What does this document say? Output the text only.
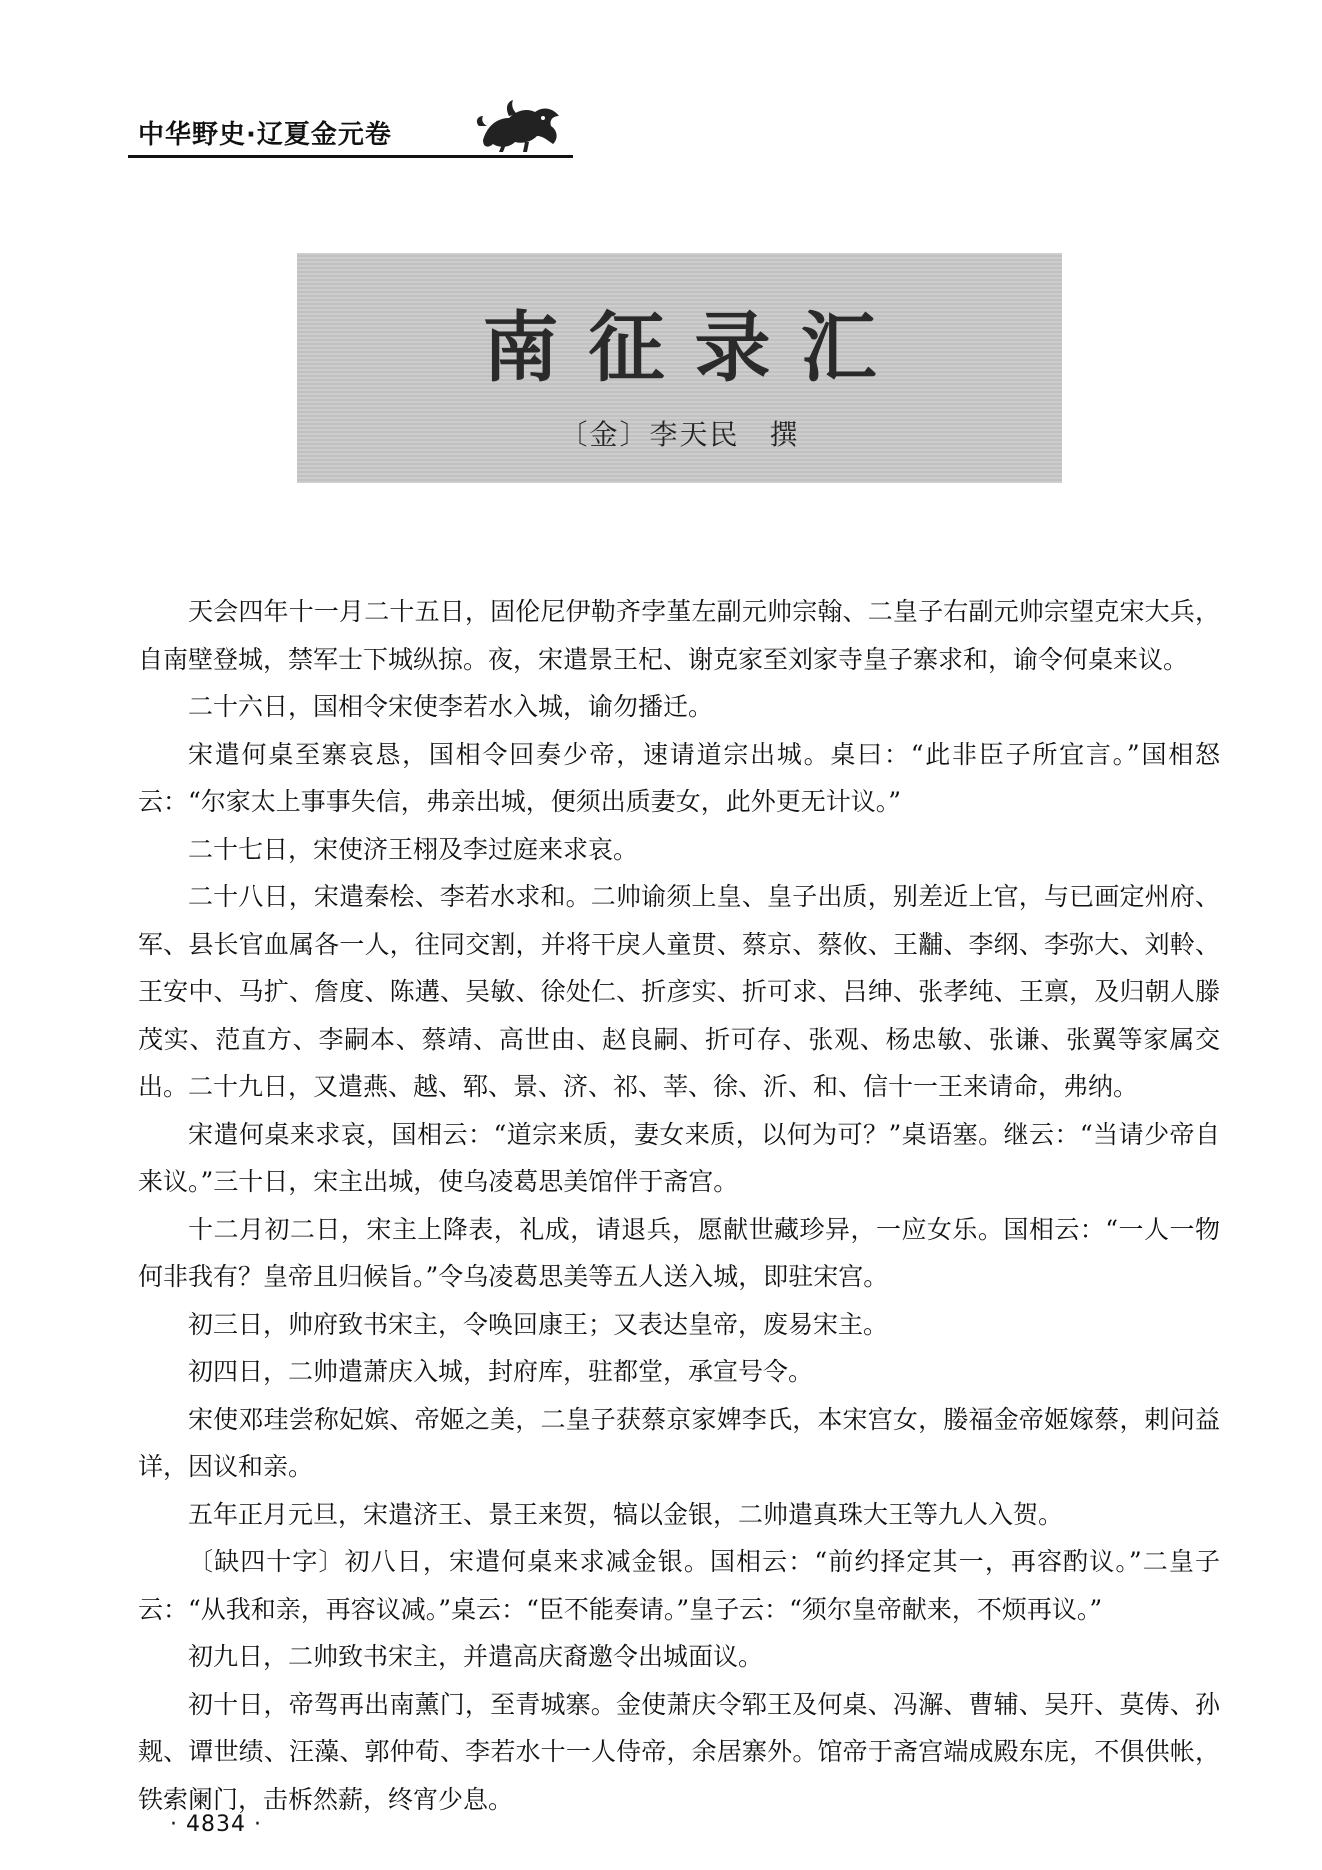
中华野史·辽夏金元卷
南征录汇
〔金〕李天民　撰

天会四年十一月二十五日，固伦尼伊勒齐孛堇左副元帅宗翰、二皇子右副元帅宗望克宋大兵，自南壁登城，禁军士下城纵掠。夜，宋遣景王杞、谢克家至刘家寺皇子寨求和，谕令何桌来议。

二十六日，国相令宋使李若水入城，谕勿播迁。

宋遣何桌至寨哀恳，国相令回奏少帝，速请道宗出城。桌曰：“此非臣子所宜言。”国相怒云：“尔家太上事事失信，弗亲出城，便须出质妻女，此外更无计议。”

二十七日，宋使济王栩及李过庭来求哀。

二十八日，宋遣秦桧、李若水求和。二帅谕须上皇、皇子出质，别差近上官，与已画定州府、军、县长官血属各一人，往同交割，并将干戾人童贯、蔡京、蔡攸、王黼、李纲、李弥大、刘軨、王安中、马扩、詹度、陈遘、吴敏、徐处仁、折彦实、折可求、吕绅、张孝纯、王禀，及归朝人滕茂实、范直方、李嗣本、蔡靖、高世由、赵良嗣、折可存、张观、杨忠敏、张谦、张翼等家属交出。二十九日，又遣燕、越、郓、景、济、祁、莘、徐、沂、和、信十一王来请命，弗纳。

宋遣何桌来求哀，国相云：“道宗来质，妻女来质，以何为可？”桌语塞。继云：“当请少帝自来议。”三十日，宋主出城，使乌凌葛思美馆伴于斋宫。

十二月初二日，宋主上降表，礼成，请退兵，愿献世藏珍异，一应女乐。国相云：“一人一物何非我有？皇帝且归候旨。”令乌凌葛思美等五人送入城，即驻宋宫。

初三日，帅府致书宋主，令唤回康王；又表达皇帝，废易宋主。

初四日，二帅遣萧庆入城，封府库，驻都堂，承宣号令。

宋使邓珪尝称妃嫔、帝姬之美，二皇子获蔡京家婢李氏，本宋宫女，媵福金帝姬嫁蔡，剌问益详，因议和亲。

五年正月元旦，宋遣济王、景王来贺，犒以金银，二帅遣真珠大王等九人入贺。

〔缺四十字〕初八日，宋遣何桌来求减金银。国相云：“前约择定其一，再容酌议。”二皇子云：“从我和亲，再容议减。”桌云：“臣不能奏请。”皇子云：“须尔皇帝献来，不烦再议。”

初九日，二帅致书宋主，并遣高庆裔邀令出城面议。

初十日，帝驾再出南薰门，至青城寨。金使萧庆令郓王及何桌、冯澥、曹辅、吴幵、莫俦、孙觌、谭世绩、汪藻、郭仲荀、李若水十一人侍帝，余居寨外。馆帝于斋宫端成殿东庑，不俱供帐，铁索阑门，击柝然薪，终宵少息。

· 4834 ·
